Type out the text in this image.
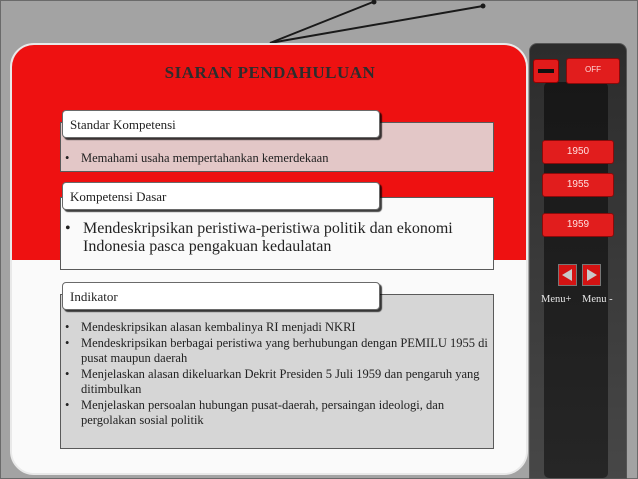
SIARAN PENDAHULUAN
• Memahami usaha mempertahankan kemerdekaan
Standar Kompetensi
• Mendeskripsikan peristiwa-peristiwa politik dan ekonomi Indonesia pasca pengakuan kedaulatan
Kompetensi Dasar
• Mendeskripsikan alasan kembalinya RI menjadi NKRI
• Mendeskripsikan berbagai peristiwa yang berhubungan dengan PEMILU 1955 di pusat maupun daerah
• Menjelaskan alasan dikeluarkan Dekrit Presiden 5 Juli 1959 dan pengaruh yang ditimbulkan
• Menjelaskan persoalan hubungan pusat-daerah, persaingan ideologi, dan pergolakan sosial politik
Indikator
OFF
1950
1955
1959
Menu+ Menu -
